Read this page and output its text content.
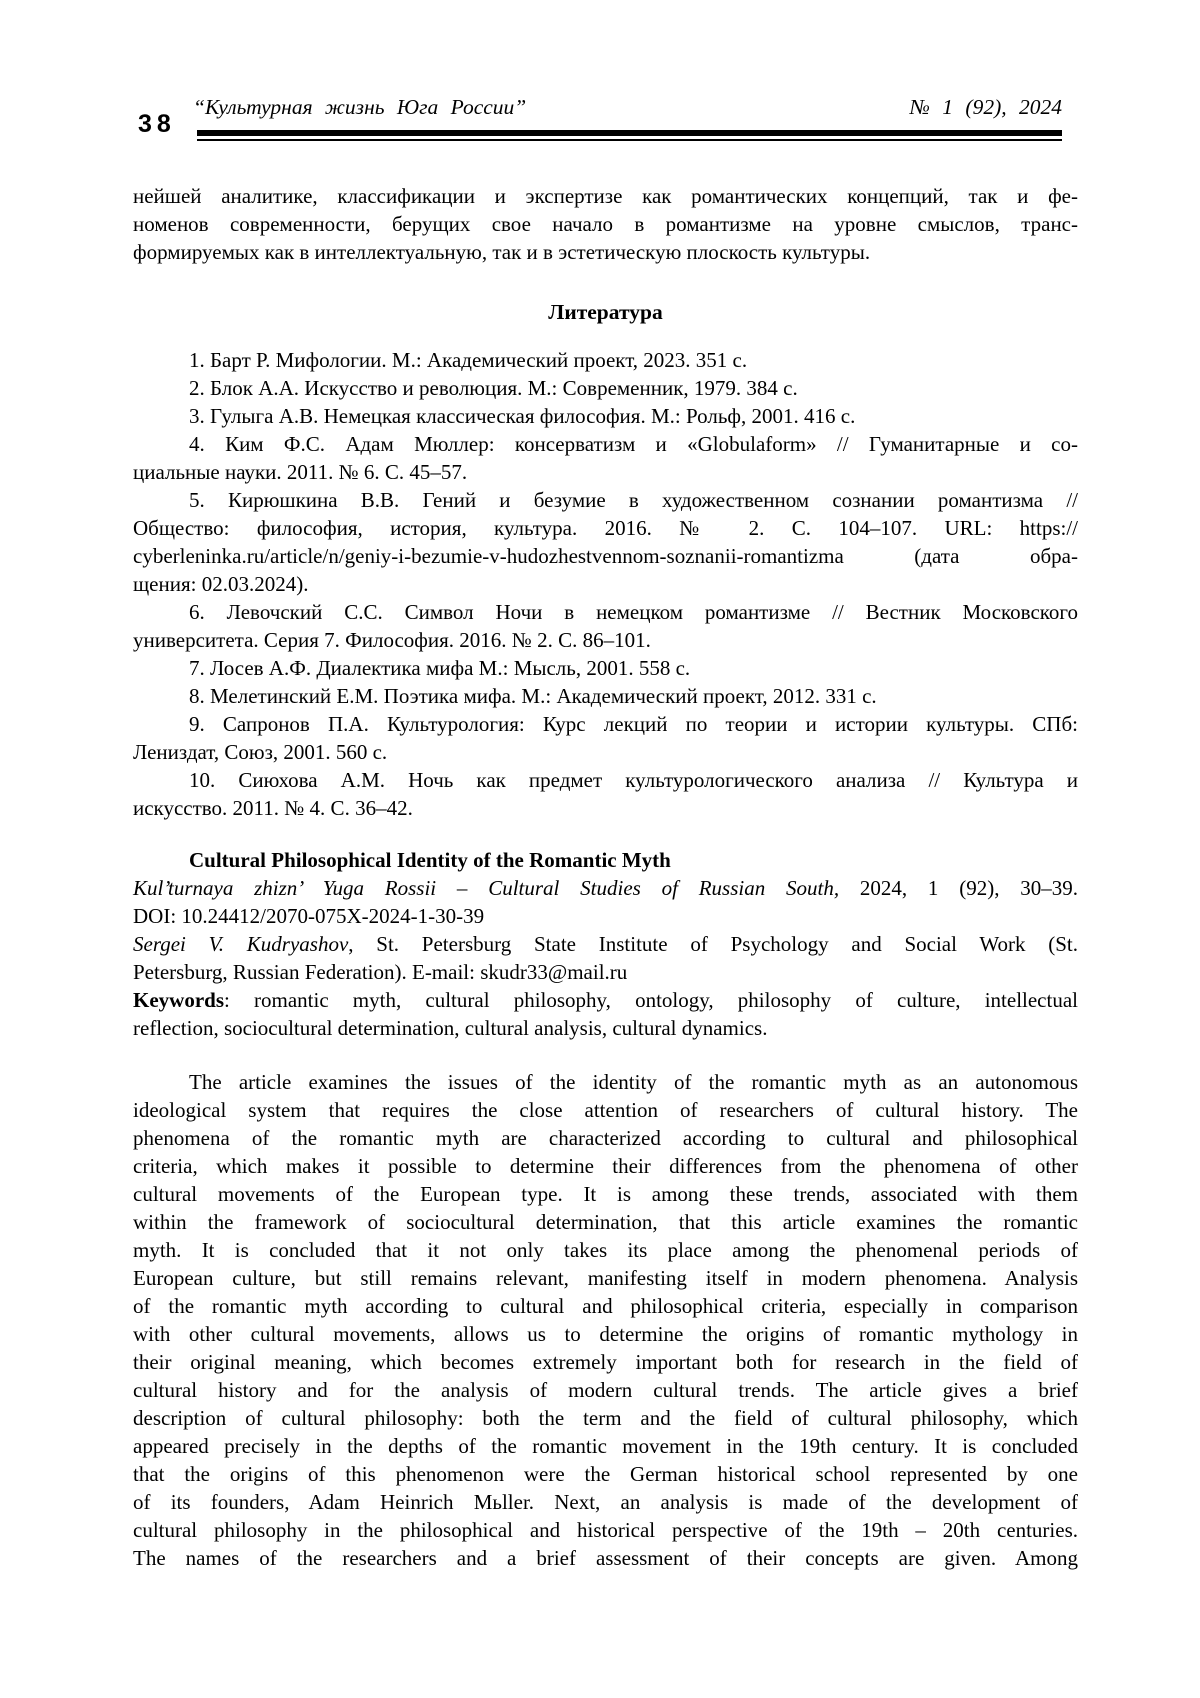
38
“Культурная жизнь Юга России”	№ 1 (92), 2024
нейшей аналитике, классификации и экспертизе как романтических концепций, так и фе-
номенов современности, берущих свое начало в романтизме на уровне смыслов, транс-
формируемых как в интеллектуальную, так и в эстетическую плоскость культуры.
Литература
1. Барт Р. Мифологии. М.: Академический проект, 2023. 351 с.
2. Блок А.А. Искусство и революция. М.: Современник, 1979. 384 с.
3. Гулыга А.В. Немецкая классическая философия. М.: Рольф, 2001. 416 с.
4. Ким Ф.С. Адам Мюллер: консерватизм и «Globulaform» // Гуманитарные и со-
циальные науки. 2011. № 6. С. 45–57.
5. Кирюшкина В.В. Гений и безумие в художественном сознании романтизма //
Общество: философия, история, культура. 2016. № 2. С. 104–107. URL: https://
cyberleninka.ru/article/n/geniy-i-bezumie-v-hudozhestvennom-soznanii-romantizma (дата обра-
щения: 02.03.2024).
6. Левочский С.С. Символ Ночи в немецком романтизме // Вестник Московского
университета. Серия 7. Философия. 2016. № 2. С. 86–101.
7. Лосев А.Ф. Диалектика мифа М.: Мысль, 2001. 558 с.
8. Мелетинский Е.М. Поэтика мифа. М.: Академический проект, 2012. 331 с.
9. Сапронов П.А. Культурология: Курс лекций по теории и истории культуры. СПб:
Лениздат, Союз, 2001. 560 с.
10. Сиюхова А.М. Ночь как предмет культурологического анализа // Культура и
искусство. 2011. № 4. С. 36–42.
Cultural Philosophical Identity of the Romantic Myth
Kul’turnaya zhizn’ Yuga Rossii – Cultural Studies of Russian South, 2024, 1 (92), 30–39.
DOI: 10.24412/2070-075X-2024-1-30-39
Sergei V. Kudryashov, St. Petersburg State Institute of Psychology and Social Work (St.
Petersburg, Russian Federation). E-mail: skudr33@mail.ru
Keywords: romantic myth, cultural philosophy, ontology, philosophy of culture, intellectual
reflection, sociocultural determination, cultural analysis, cultural dynamics.
The article examines the issues of the identity of the romantic myth as an autonomous
ideological system that requires the close attention of researchers of cultural history. The
phenomena of the romantic myth are characterized according to cultural and philosophical
criteria, which makes it possible to determine their differences from the phenomena of other
cultural movements of the European type. It is among these trends, associated with them
within the framework of sociocultural determination, that this article examines the romantic
myth. It is concluded that it not only takes its place among the phenomenal periods of
European culture, but still remains relevant, manifesting itself in modern phenomena. Analysis
of the romantic myth according to cultural and philosophical criteria, especially in comparison
with other cultural movements, allows us to determine the origins of romantic mythology in
their original meaning, which becomes extremely important both for research in the field of
cultural history and for the analysis of modern cultural trends. The article gives a brief
description of cultural philosophy: both the term and the field of cultural philosophy, which
appeared precisely in the depths of the romantic movement in the 19th century. It is concluded
that the origins of this phenomenon were the German historical school represented by one
of its founders, Adam Heinrich Mьller. Next, an analysis is made of the development of
cultural philosophy in the philosophical and historical perspective of the 19th – 20th centuries.
The names of the researchers and a brief assessment of their concepts are given. Among
